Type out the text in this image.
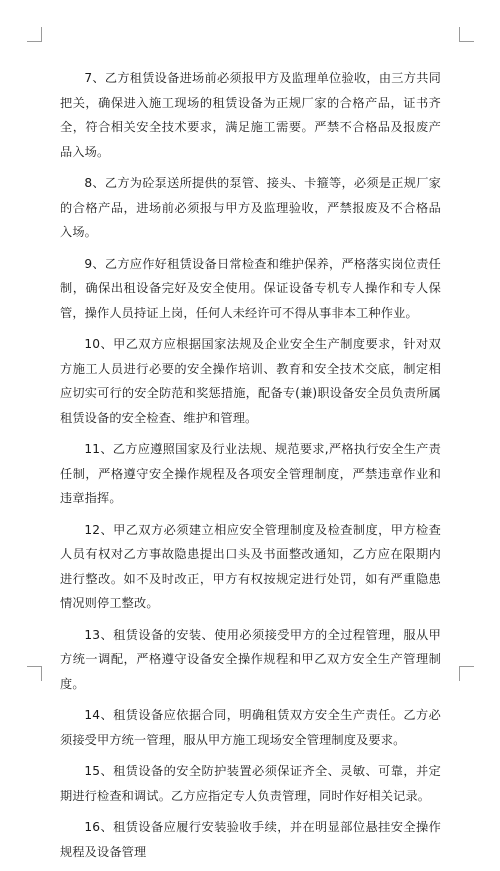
7、乙方租赁设备进场前必须报甲方及监理单位验收，由三方共同把关，确保进入施工现场的租赁设备为正规厂家的合格产品，证书齐全，符合相关安全技术要求，满足施工需要。严禁不合格品及报废产品入场。

8、乙方为砼泵送所提供的泵管、接头、卡箍等，必须是正规厂家的合格产品，进场前必须报与甲方及监理验收，严禁报废及不合格品入场。

9、乙方应作好租赁设备日常检查和维护保养，严格落实岗位责任制，确保出租设备完好及安全使用。保证设备专机专人操作和专人保管，操作人员持证上岗，任何人未经许可不得从事非本工种作业。

10、甲乙双方应根据国家法规及企业安全生产制度要求，针对双方施工人员进行必要的安全操作培训、教育和安全技术交底，制定相应切实可行的安全防范和奖惩措施，配备专(兼)职设备安全员负责所属租赁设备的安全检查、维护和管理。

11、乙方应遵照国家及行业法规、规范要求,严格执行安全生产责任制，严格遵守安全操作规程及各项安全管理制度，严禁违章作业和违章指挥。

12、甲乙双方必须建立相应安全管理制度及检查制度，甲方检查人员有权对乙方事故隐患提出口头及书面整改通知，乙方应在限期内进行整改。如不及时改正，甲方有权按规定进行处罚，如有严重隐患情况则停工整改。

13、租赁设备的安装、使用必须接受甲方的全过程管理，服从甲方统一调配，严格遵守设备安全操作规程和甲乙双方安全生产管理制度。

14、租赁设备应依据合同，明确租赁双方安全生产责任。乙方必须接受甲方统一管理，服从甲方施工现场安全管理制度及要求。

15、租赁设备的安全防护装置必须保证齐全、灵敏、可靠，并定期进行检查和调试。乙方应指定专人负责管理，同时作好相关记录。

16、租赁设备应履行安装验收手续，并在明显部位悬挂安全操作规程及设备管理
